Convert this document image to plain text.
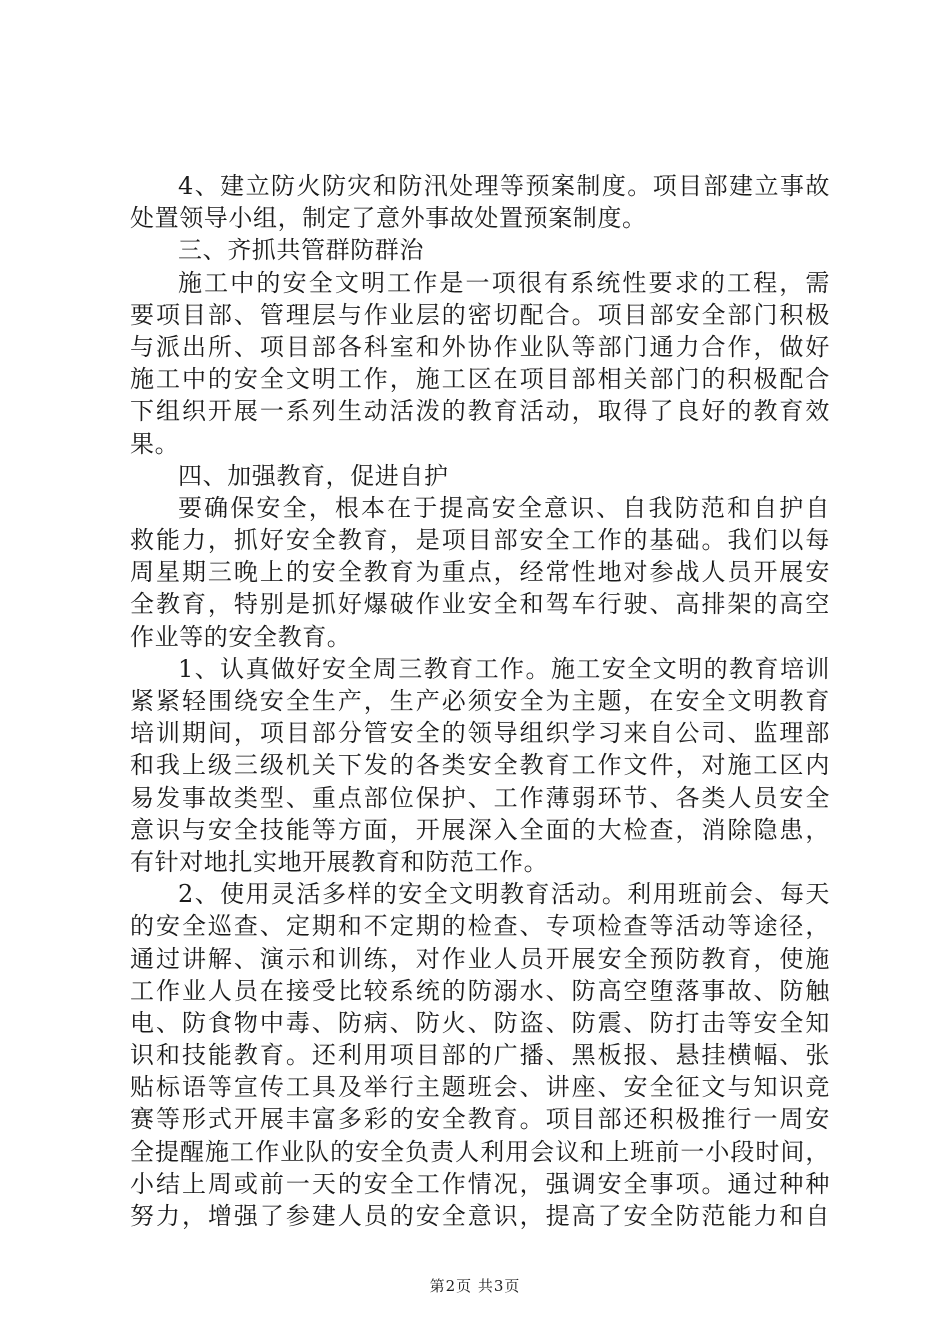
4、建立防火防灾和防汛处理等预案制度。项目部建立事故
处置领导小组，制定了意外事故处置预案制度。
三、齐抓共管群防群治
施工中的安全文明工作是一项很有系统性要求的工程，需
要项目部、管理层与作业层的密切配合。项目部安全部门积极
与派出所、项目部各科室和外协作业队等部门通力合作，做好
施工中的安全文明工作，施工区在项目部相关部门的积极配合
下组织开展一系列生动活泼的教育活动，取得了良好的教育效
果。
四、加强教育，促进自护
要确保安全，根本在于提高安全意识、自我防范和自护自
救能力，抓好安全教育，是项目部安全工作的基础。我们以每
周星期三晚上的安全教育为重点，经常性地对参战人员开展安
全教育，特别是抓好爆破作业安全和驾车行驶、高排架的高空
作业等的安全教育。
1、认真做好安全周三教育工作。施工安全文明的教育培训
紧紧轻围绕安全生产，生产必须安全为主题，在安全文明教育
培训期间，项目部分管安全的领导组织学习来自公司、监理部
和我上级三级机关下发的各类安全教育工作文件，对施工区内
易发事故类型、重点部位保护、工作薄弱环节、各类人员安全
意识与安全技能等方面，开展深入全面的大检查，消除隐患，
有针对地扎实地开展教育和防范工作。
2、使用灵活多样的安全文明教育活动。利用班前会、每天
的安全巡查、定期和不定期的检查、专项检查等活动等途径，
通过讲解、演示和训练，对作业人员开展安全预防教育，使施
工作业人员在接受比较系统的防溺水、防高空堕落事故、防触
电、防食物中毒、防病、防火、防盗、防震、防打击等安全知
识和技能教育。还利用项目部的广播、黑板报、悬挂横幅、张
贴标语等宣传工具及举行主题班会、讲座、安全征文与知识竞
赛等形式开展丰富多彩的安全教育。项目部还积极推行一周安
全提醒施工作业队的安全负责人利用会议和上班前一小段时间，
小结上周或前一天的安全工作情况，强调安全事项。通过种种
努力，增强了参建人员的安全意识，提高了安全防范能力和自
第2页 共3页
